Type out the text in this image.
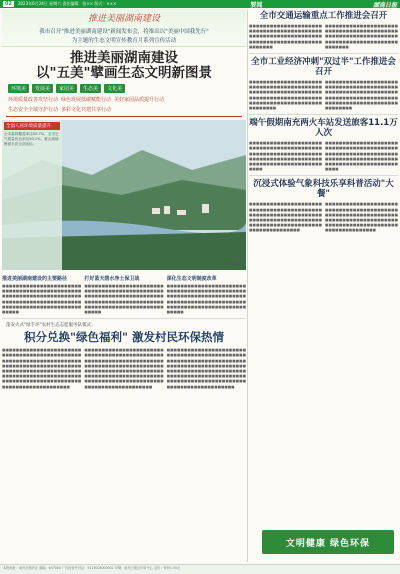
02	2023年6月24日 星期六 责任编辑：张×× 版式：×××	要闻	湖南日报
推进美丽湖南建设
我市召开"推进美丽湖南建设"新闻发布会，将推出以"美丽中国我先行"
为主题的生态文明宣传教育月系列宣传活动
推进美丽湖南建设
以"五美"擘画生态文明新图景
环境美	发展美	家园美	生态美	文化美
环境质量改善攻坚行动 绿色发展低碳赋能行动 美好家园品质提升行动
生态安全全域守护行动 多彩文化共建共享行动
全面人居环境质量提升
全市森林覆盖率达59.7%，全市空气质量优良率达90.1%，重点流域断面水质全部达标。
图片摄影
推进美丽湖南建设的主要路径
■■■■■■■■■■■■■■■■■■■■■■■■■■■■■■■■■■■■■■■■■■■■■■■■■■■■■■■■■■■■■■■■■■■■■■■■■■■■■■■■■■■■■■■■■■■■■■■■■■■■■■■■■■■■■■■■■■■■■■■■
打好蓝天碧水净土保卫战
■■■■■■■■■■■■■■■■■■■■■■■■■■■■■■■■■■■■■■■■■■■■■■■■■■■■■■■■■■■■■■■■■■■■■■■■■■■■■■■■■■■■■■■■■■■■■■■■■■■■■■■■■■■■■■■■■■■■■■■■
深化生态文明制度改革
■■■■■■■■■■■■■■■■■■■■■■■■■■■■■■■■■■■■■■■■■■■■■■■■■■■■■■■■■■■■■■■■■■■■■■■■■■■■■■■■■■■■■■■■■■■■■■■■■■■■■■■■■■■■■■■■■■■■■■■■
蓬安火式"绿手环"农村生态志愿服务队模式：
积分兑换"绿色福利" 激发村民环保热情
■■■■■■■■■■■■■■■■■■■■■■■■■■■■■■■■■■■■■■■■■■■■■■■■■■■■■■■■■■■■■■■■■■■■■■■■■■■■■■■■■■■■■■■■■■■■■■■■■■■■■■■■■■■■■■■■■■■■■■■■■■■■■■■■■■■■■■■■■■■■■■■■■■■■■■■■■■■■■■■■■■■■■■■■■■■■■■■■■■■■■
■■■■■■■■■■■■■■■■■■■■■■■■■■■■■■■■■■■■■■■■■■■■■■■■■■■■■■■■■■■■■■■■■■■■■■■■■■■■■■■■■■■■■■■■■■■■■■■■■■■■■■■■■■■■■■■■■■■■■■■■■■■■■■■■■■■■■■■■■■■■■■■■■■■■■■■■■■■■■■■■■■■■■■■■■■■■■■■■■■■■■
■■■■■■■■■■■■■■■■■■■■■■■■■■■■■■■■■■■■■■■■■■■■■■■■■■■■■■■■■■■■■■■■■■■■■■■■■■■■■■■■■■■■■■■■■■■■■■■■■■■■■■■■■■■■■■■■■■■■■■■■■■■■■■■■■■■■■■■■■■■■■■■■■■■■■■■■■■■■■■■■■■■■■■■■■■■■■■■■■■■■■
全市交通运输重点工作推进会召开
■■■■■■■■■■■■■■■■■■■■■■■■■■■■■■■■■■■■■■■■■■■■■■■■■■■■■■■■■■■■■■■■■■■■■■■■■■■■■■■■■■■■■■■■■■■
■■■■■■■■■■■■■■■■■■■■■■■■■■■■■■■■■■■■■■■■■■■■■■■■■■■■■■■■■■■■■■■■■■■■■■■■■■■■■■■■■■■■■■■■■■■
全市工业经济冲刺"双过半"工作推进会召开
■■■■■■■■■■■■■■■■■■■■■■■■■■■■■■■■■■■■■■■■■■■■■■■■■■■■■■■■■■■■■■■■■■■■■■■■■■■■■■■■■■■■■■■■■■■■■■■■■■■■■■■■■■■■■■■■■
■■■■■■■■■■■■■■■■■■■■■■■■■■■■■■■■■■■■■■■■■■■■■■■■■■■■■■■■■■■■■■■■■■■■■■■■■■■■■■■■■■■■■■■■■■■■■■■■■■■■■■■■■■■■■■■■■
端午假期南充两火车站发送旅客11.1万人次
■■■■■■■■■■■■■■■■■■■■■■■■■■■■■■■■■■■■■■■■■■■■■■■■■■■■■■■■■■■■■■■■■■■■■■■■■■■■■■■■■■■■■■■■■■■■■■■■■■■■■■■■■■■■■
■■■■■■■■■■■■■■■■■■■■■■■■■■■■■■■■■■■■■■■■■■■■■■■■■■■■■■■■■■■■■■■■■■■■■■■■■■■■■■■■■■■■■■■■■■■■■■■■■■■■■■■■■■■■■
沉浸式体验气象科技乐享科普活动"大餐"
■■■■■■■■■■■■■■■■■■■■■■■■■■■■■■■■■■■■■■■■■■■■■■■■■■■■■■■■■■■■■■■■■■■■■■■■■■■■■■■■■■■■■■■■■■■■■■■■■■■■■■■■■■■■■■■■■■■■■■■■
■■■■■■■■■■■■■■■■■■■■■■■■■■■■■■■■■■■■■■■■■■■■■■■■■■■■■■■■■■■■■■■■■■■■■■■■■■■■■■■■■■■■■■■■■■■■■■■■■■■■■■■■■■■■■■■■■■■■■■■■
文明健康 绿色环保
本报地址：南充市顺庆区 邮编：637000 广告经营许可证：5113004000001 印刷：南充日报社印务中心 定价：每份1.50元
